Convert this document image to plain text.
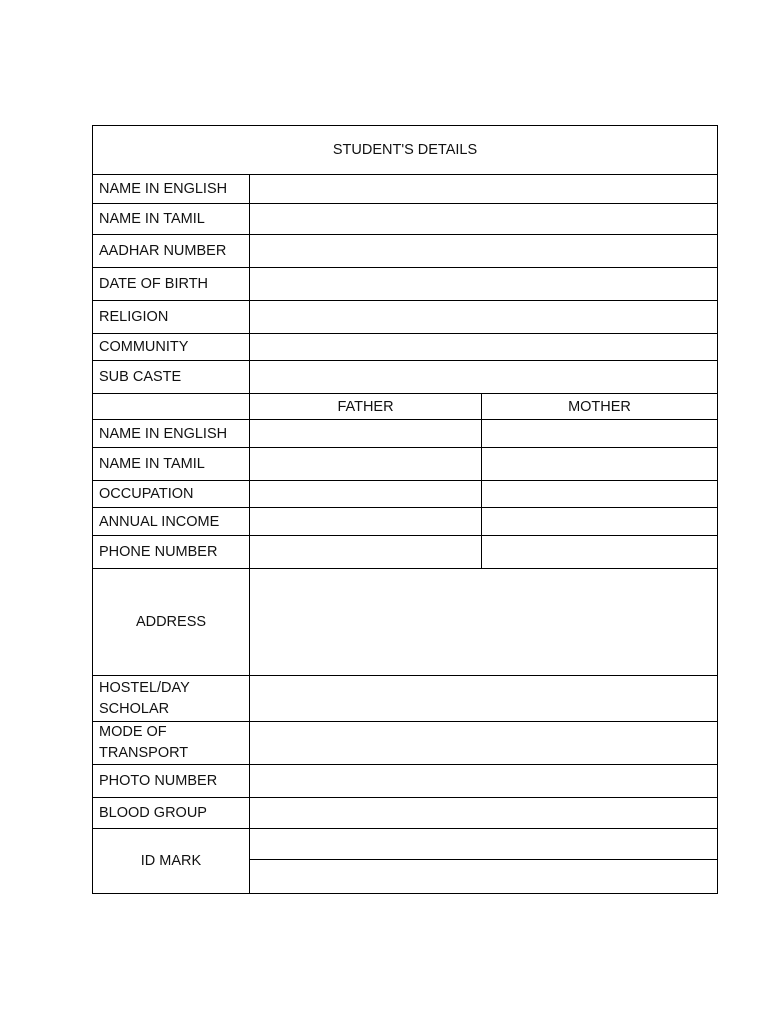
STUDENT'S DETAILS		
NAME IN ENGLISH		
NAME IN TAMIL		
AADHAR NUMBER		
DATE OF BIRTH		
RELIGION		
COMMUNITY		
SUB CASTE		
	FATHER	MOTHER
NAME IN ENGLISH		
NAME IN TAMIL		
OCCUPATION		
ANNUAL INCOME		
PHONE NUMBER		
ADDRESS		
HOSTEL/DAY SCHOLAR		
MODE OF TRANSPORT		
PHOTO NUMBER		
BLOOD GROUP		
ID MARK		
